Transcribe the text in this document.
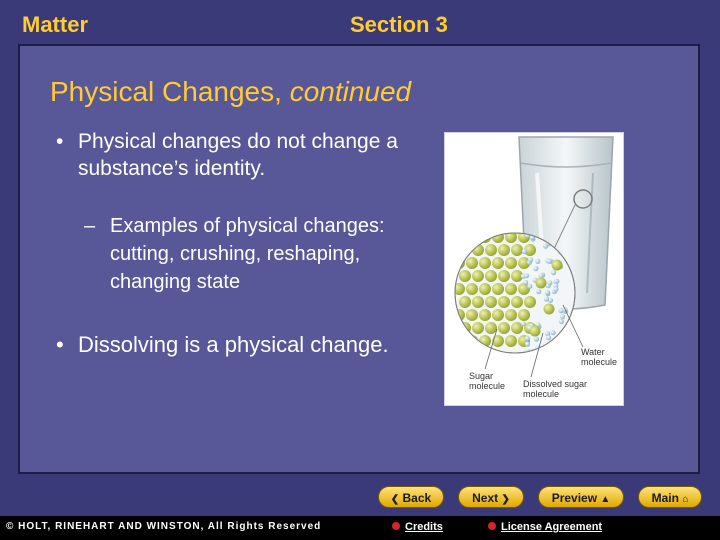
Matter	Section 3
Physical Changes, continued
• Physical changes do not change a substance’s identity.
– Examples of physical changes: cutting, crushing, reshaping, changing state
• Dissolving is a physical change.	Water molecule
Sugar molecule	Dissolved sugar molecule
❮ Back	Next ❯	Preview ▲	Main ⌂
© HOLT, RINEHART AND WINSTON, All Rights Reserved	Credits	License Agreement
